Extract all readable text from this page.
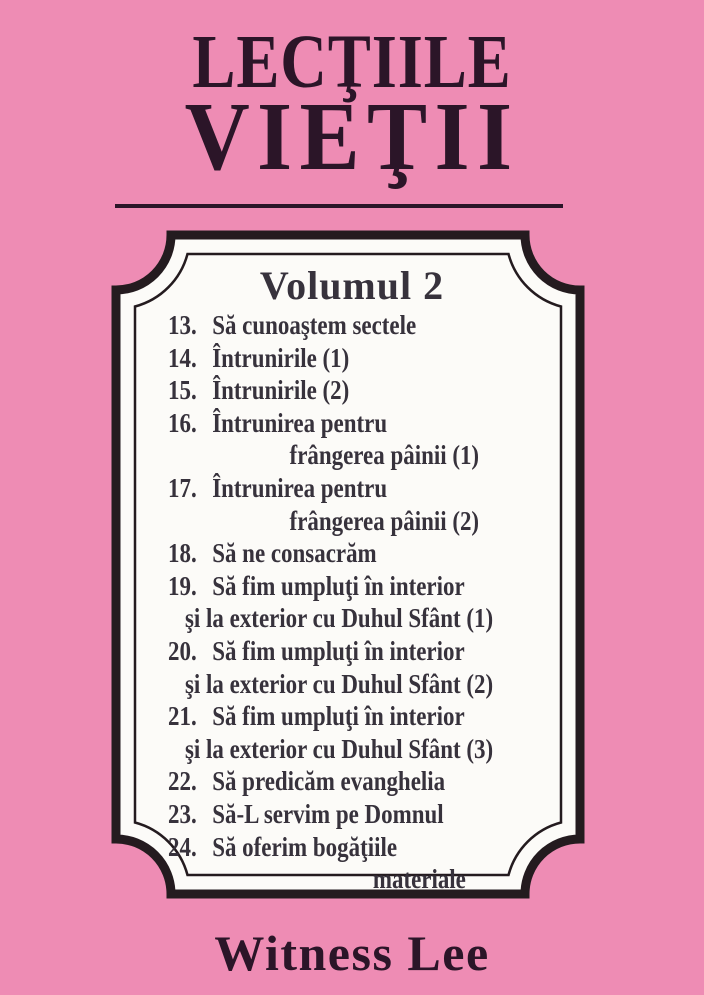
LECŢIILE
VIEŢII
Volumul 2
13. Să cunoaştem sectele
14. Întrunirile (1)
15. Întrunirile (2)
16. Întrunirea pentru
frângerea pâinii (1)
17. Întrunirea pentru
frângerea pâinii (2)
18. Să ne consacrăm
19. Să fim umpluţi în interior
şi la exterior cu Duhul Sfânt (1)
20. Să fim umpluţi în interior
şi la exterior cu Duhul Sfânt (2)
21. Să fim umpluţi în interior
şi la exterior cu Duhul Sfânt (3)
22. Să predicăm evanghelia
23. Să-L servim pe Domnul
24. Să oferim bogăţiile
materiale
Witness Lee
